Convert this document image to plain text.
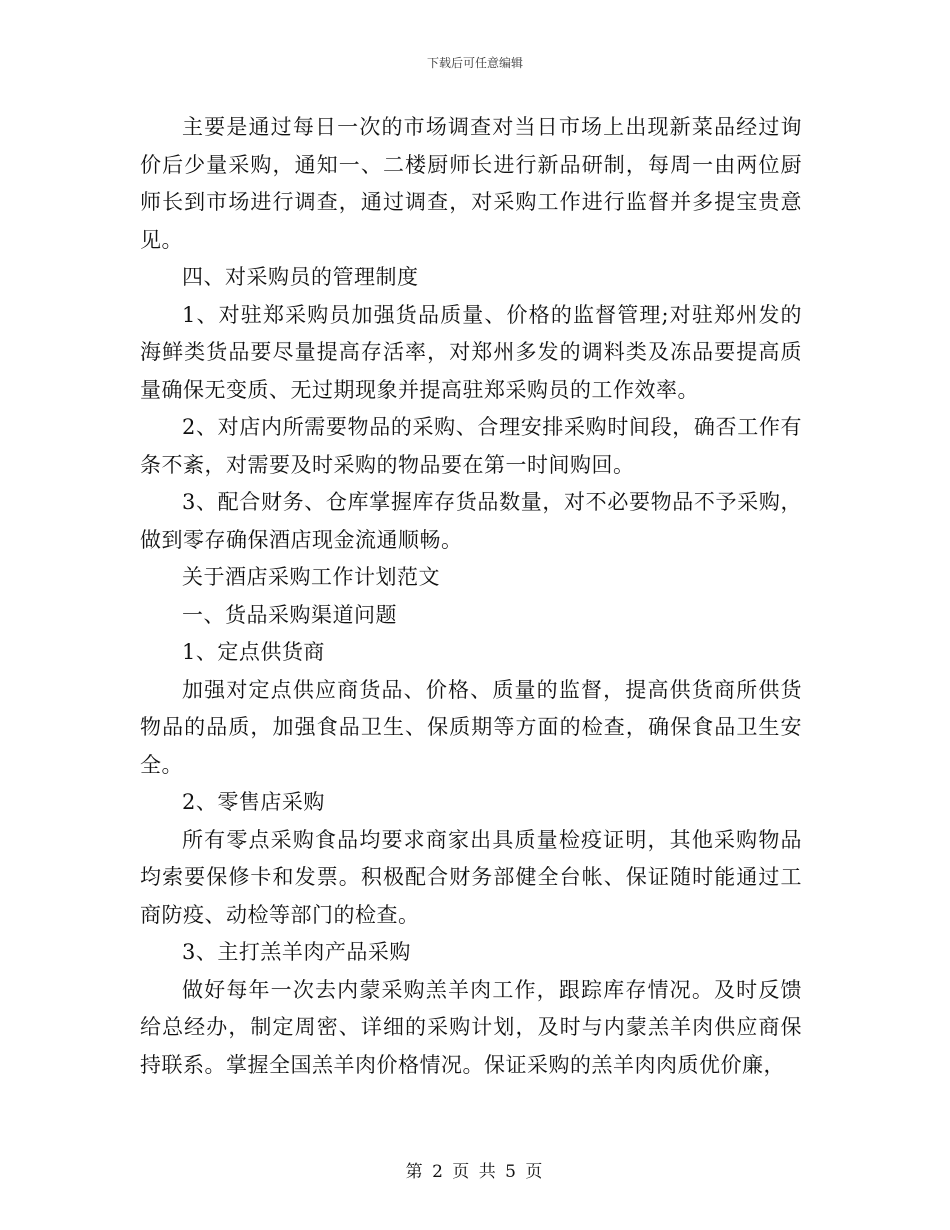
下载后可任意编辑

主要是通过每日一次的市场调查对当日市场上出现新菜品经过询价后少量采购，通知一、二楼厨师长进行新品研制，每周一由两位厨师长到市场进行调查，通过调查，对采购工作进行监督并多提宝贵意见。

四、对采购员的管理制度

1、对驻郑采购员加强货品质量、价格的监督管理;对驻郑州发的海鲜类货品要尽量提高存活率，对郑州多发的调料类及冻品要提高质量确保无变质、无过期现象并提高驻郑采购员的工作效率。

2、对店内所需要物品的采购、合理安排采购时间段，确否工作有条不紊，对需要及时采购的物品要在第一时间购回。

3、配合财务、仓库掌握库存货品数量，对不必要物品不予采购，做到零存确保酒店现金流通顺畅。

关于酒店采购工作计划范文

一、货品采购渠道问题

1、定点供货商

加强对定点供应商货品、价格、质量的监督，提高供货商所供货物品的品质，加强食品卫生、保质期等方面的检查，确保食品卫生安全。

2、零售店采购

所有零点采购食品均要求商家出具质量检疫证明，其他采购物品均索要保修卡和发票。积极配合财务部健全台帐、保证随时能通过工商防疫、动检等部门的检查。

3、主打羔羊肉产品采购

做好每年一次去内蒙采购羔羊肉工作，跟踪库存情况。及时反馈给总经办，制定周密、详细的采购计划，及时与内蒙羔羊肉供应商保持联系。掌握全国羔羊肉价格情况。保证采购的羔羊肉肉质优价廉，

第 2 页 共 5 页
